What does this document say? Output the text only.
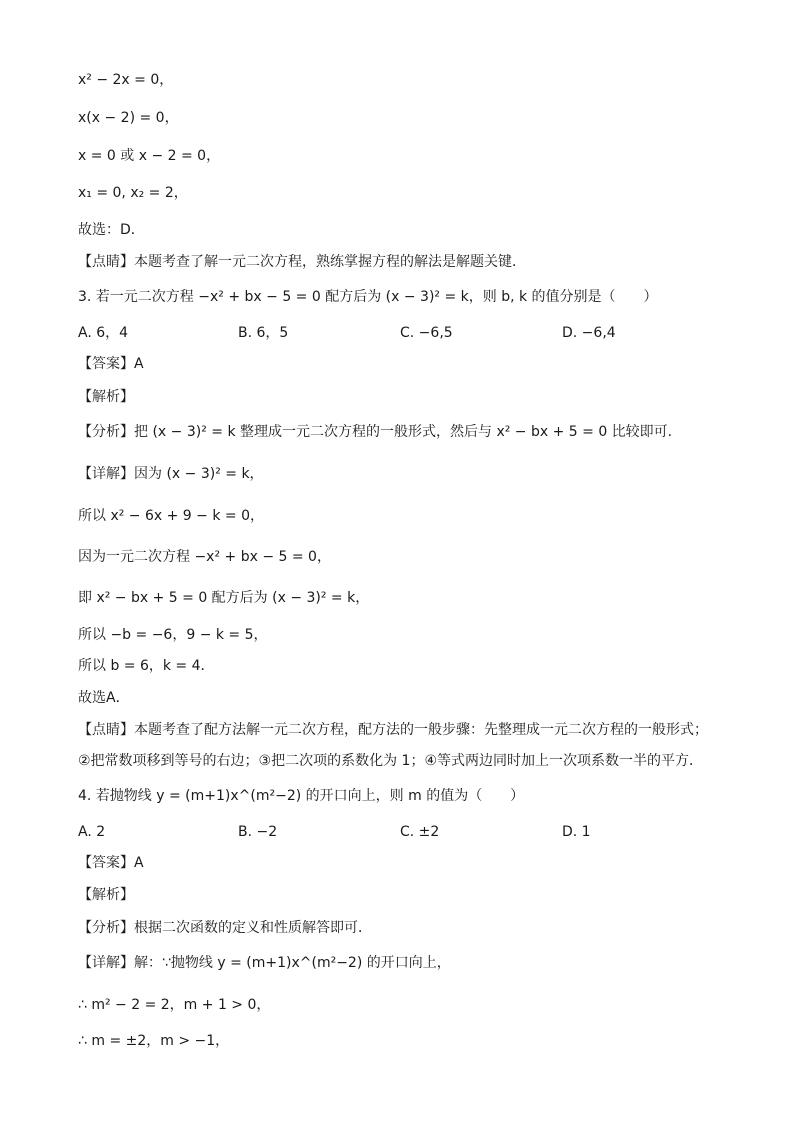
x² − 2x = 0，
x(x − 2) = 0，
x = 0 或 x − 2 = 0，
x₁ = 0, x₂ = 2，
故选：D．
【点睛】本题考查了解一元二次方程，熟练掌握方程的解法是解题关键．
3. 若一元二次方程 −x² + bx − 5 = 0 配方后为 (x − 3)² = k，则 b, k 的值分别是（　　）
A. 6，4	B. 6，5	C. −6,5	D. −6,4
【答案】A
【解析】
【分析】把 (x − 3)² = k 整理成一元二次方程的一般形式，然后与 x² − bx + 5 = 0 比较即可.
【详解】因为 (x − 3)² = k，
所以 x² − 6x + 9 − k = 0，
因为一元二次方程 −x² + bx − 5 = 0，
即 x² − bx + 5 = 0 配方后为 (x − 3)² = k，
所以 −b = −6，9 − k = 5，
所以 b = 6，k = 4．
故选A．
【点睛】本题考查了配方法解一元二次方程，配方法的一般步骤：先整理成一元二次方程的一般形式；
②把常数项移到等号的右边；③把二次项的系数化为 1；④等式两边同时加上一次项系数一半的平方．
4. 若抛物线 y = (m+1)x^(m²−2) 的开口向上，则 m 的值为（　　）
A. 2	B. −2	C. ±2	D. 1
【答案】A
【解析】
【分析】根据二次函数的定义和性质解答即可．
【详解】解：∵抛物线 y = (m+1)x^(m²−2) 的开口向上，
∴ m² − 2 = 2，m + 1 > 0，
∴ m = ±2，m > −1，
